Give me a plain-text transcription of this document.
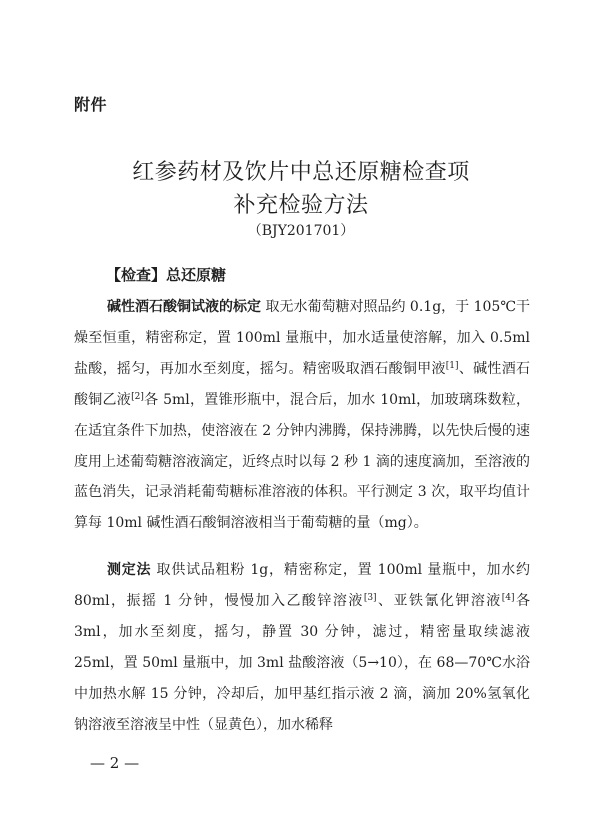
附件
红参药材及饮片中总还原糖检查项
补充检验方法
（BJY201701）
【检查】总还原糖

碱性酒石酸铜试液的标定 取无水葡萄糖对照品约 0.1g，于 105℃干燥至恒重，精密称定，置 100ml 量瓶中，加水适量使溶解，加入 0.5ml 盐酸，摇匀，再加水至刻度，摇匀。精密吸取酒石酸铜甲液[1]、碱性酒石酸铜乙液[2]各 5ml，置锥形瓶中，混合后，加水 10ml，加玻璃珠数粒，在适宜条件下加热，使溶液在 2 分钟内沸腾，保持沸腾，以先快后慢的速度用上述葡萄糖溶液滴定，近终点时以每 2 秒 1 滴的速度滴加，至溶液的蓝色消失，记录消耗葡萄糖标准溶液的体积。平行测定 3 次，取平均值计算每 10ml 碱性酒石酸铜溶液相当于葡萄糖的量（mg）。

测定法 取供试品粗粉 1g，精密称定，置 100ml 量瓶中，加水约 80ml，振摇 1 分钟，慢慢加入乙酸锌溶液[3]、亚铁氰化钾溶液[4]各 3ml，加水至刻度，摇匀，静置 30 分钟，滤过，精密量取续滤液 25ml，置 50ml 量瓶中，加 3ml 盐酸溶液（5→10），在 68—70℃水浴中加热水解 15 分钟，冷却后，加甲基红指示液 2 滴，滴加 20%氢氧化钠溶液至溶液呈中性（显黄色），加水稀释

— 2 —
